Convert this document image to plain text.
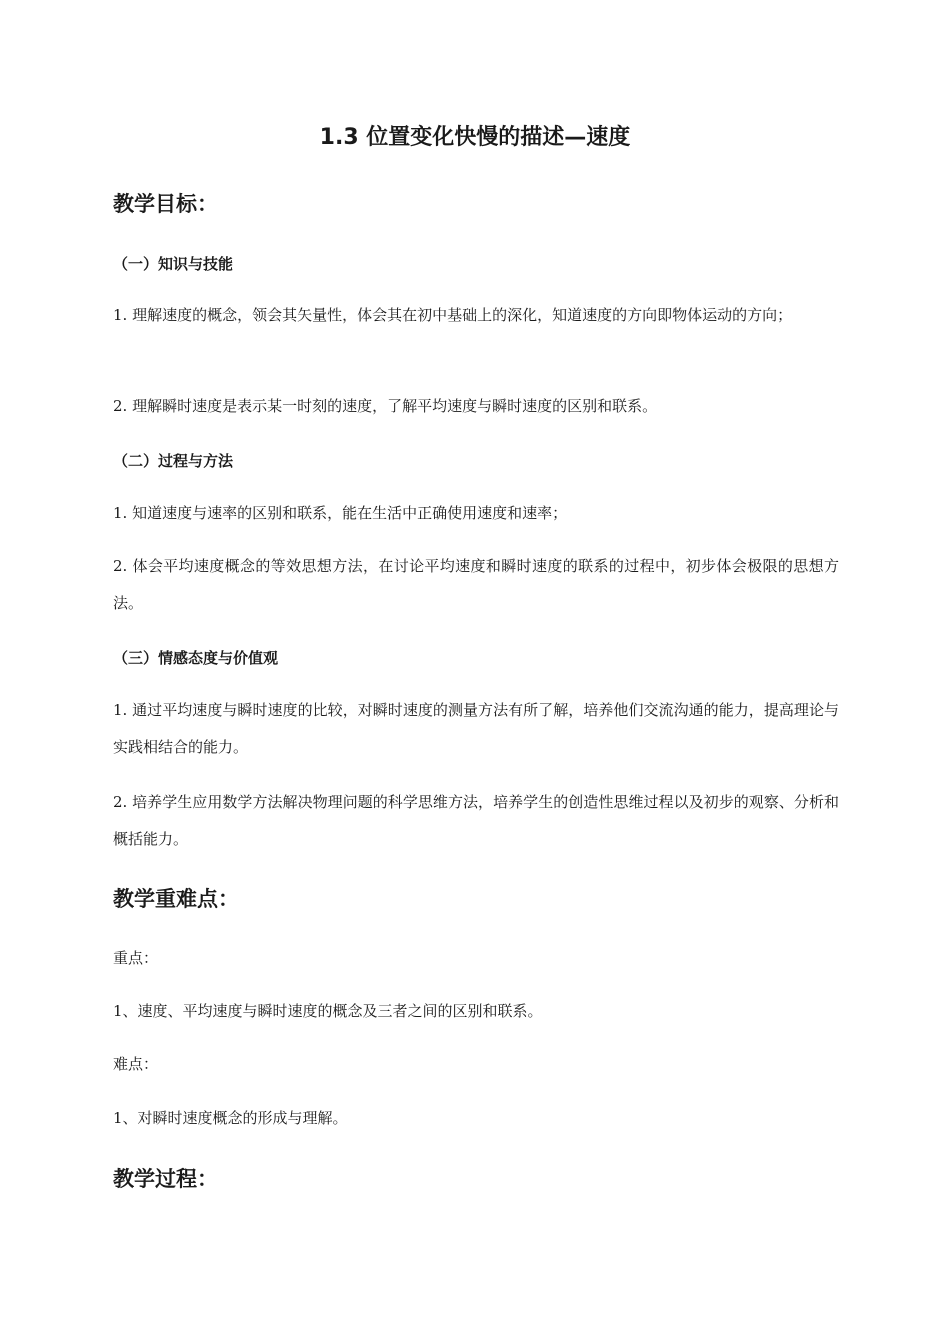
1.3 位置变化快慢的描述—速度
教学目标：
（一）知识与技能

1. 理解速度的概念，领会其矢量性，体会其在初中基础上的深化，知道速度的方向即物体运动的方向；

2. 理解瞬时速度是表示某一时刻的速度，了解平均速度与瞬时速度的区别和联系。

（二）过程与方法

1. 知道速度与速率的区别和联系，能在生活中正确使用速度和速率；

2. 体会平均速度概念的等效思想方法，在讨论平均速度和瞬时速度的联系的过程中，初步体会极限的思想方法。

（三）情感态度与价值观

1. 通过平均速度与瞬时速度的比较，对瞬时速度的测量方法有所了解，培养他们交流沟通的能力，提高理论与实践相结合的能力。

2. 培养学生应用数学方法解决物理问题的科学思维方法，培养学生的创造性思维过程以及初步的观察、分析和概括能力。

教学重难点：

重点：

1、速度、平均速度与瞬时速度的概念及三者之间的区别和联系。

难点：

1、对瞬时速度概念的形成与理解。

教学过程：
